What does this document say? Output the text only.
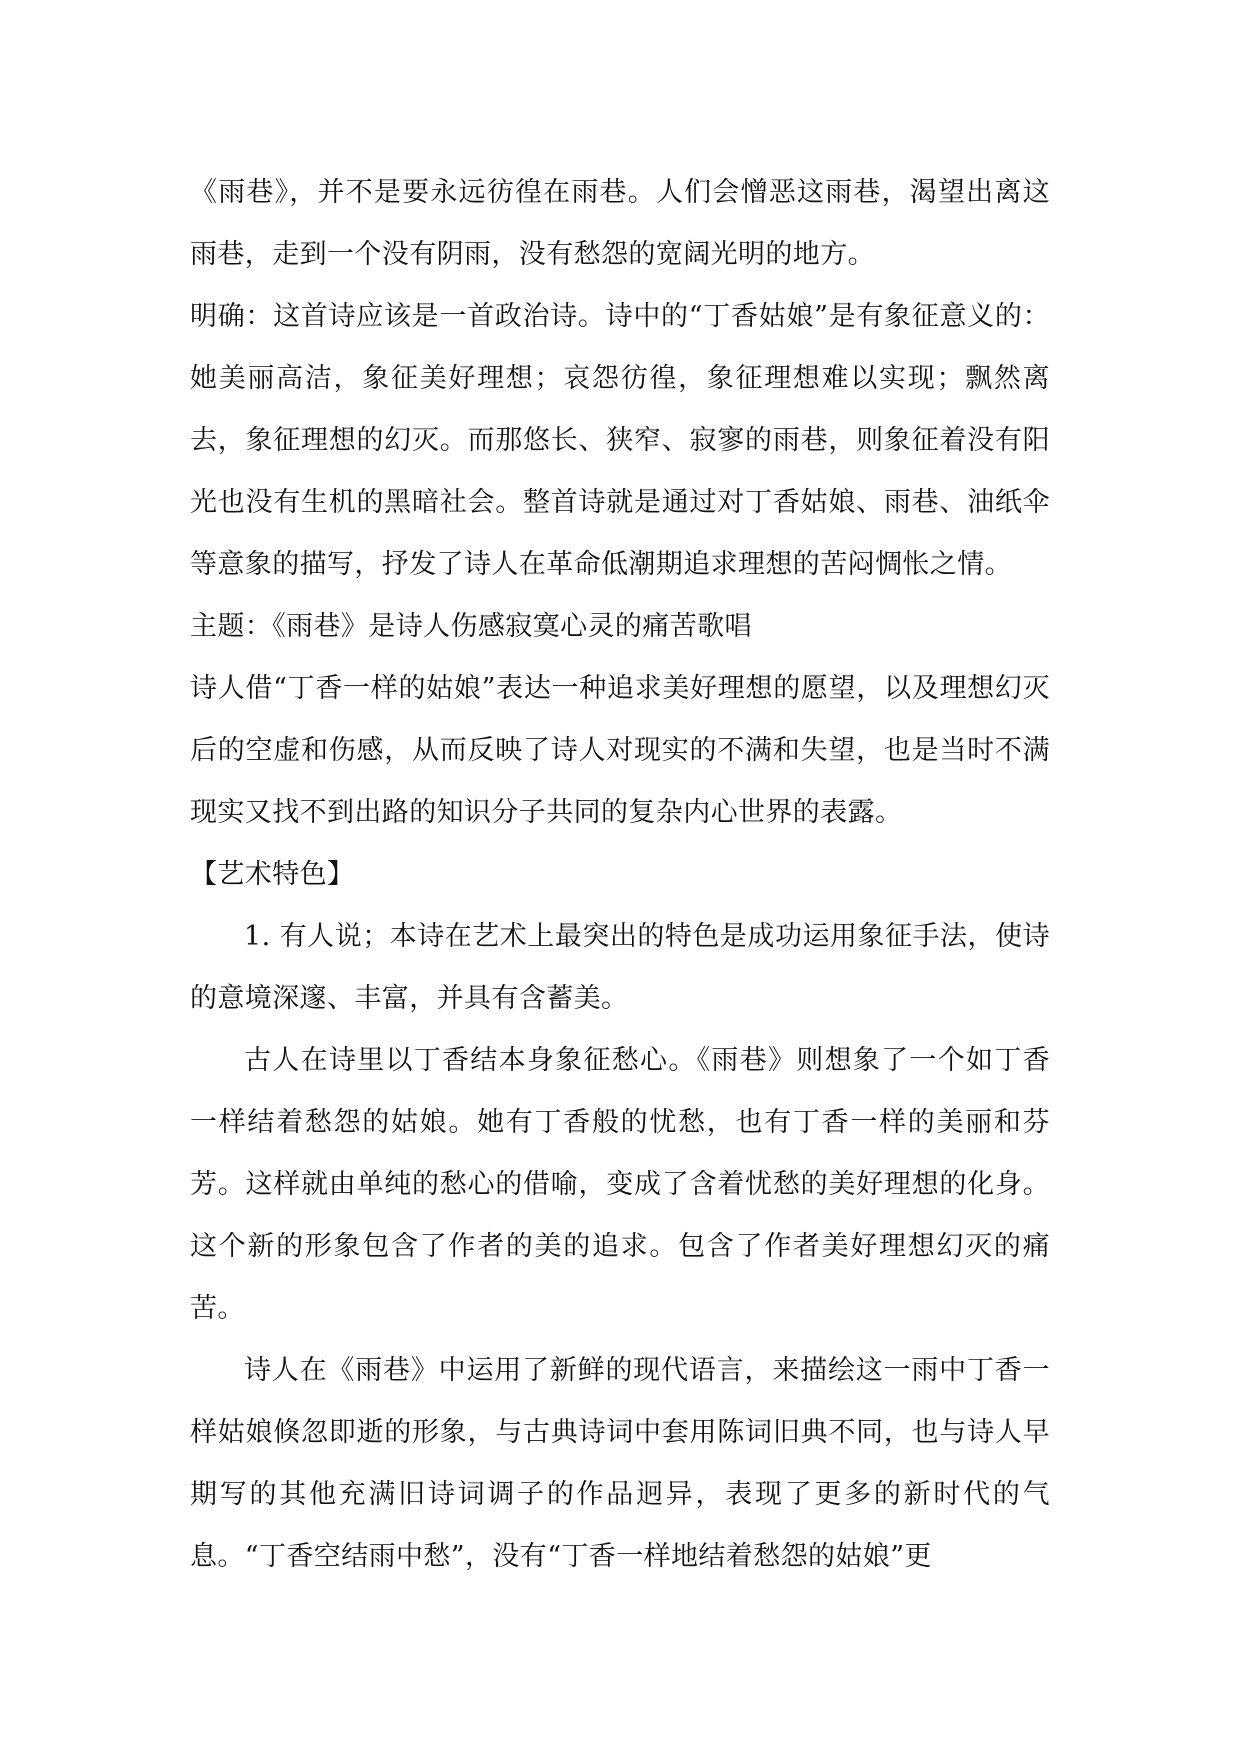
《雨巷》，并不是要永远彷徨在雨巷。人们会憎恶这雨巷，渴望出离这雨巷，走到一个没有阴雨，没有愁怨的宽阔光明的地方。

明确：这首诗应该是一首政治诗。诗中的“丁香姑娘”是有象征意义的：她美丽高洁，象征美好理想；哀怨彷徨，象征理想难以实现；飘然离去，象征理想的幻灭。而那悠长、狭窄、寂寥的雨巷，则象征着没有阳光也没有生机的黑暗社会。整首诗就是通过对丁香姑娘、雨巷、油纸伞等意象的描写，抒发了诗人在革命低潮期追求理想的苦闷惆怅之情。

主题：《雨巷》是诗人伤感寂寞心灵的痛苦歌唱

诗人借“丁香一样的姑娘”表达一种追求美好理想的愿望，以及理想幻灭后的空虚和伤感，从而反映了诗人对现实的不满和失望，也是当时不满现实又找不到出路的知识分子共同的复杂内心世界的表露。

【艺术特色】

1. 有人说；本诗在艺术上最突出的特色是成功运用象征手法，使诗的意境深邃、丰富，并具有含蓄美。

古人在诗里以丁香结本身象征愁心。《雨巷》则想象了一个如丁香一样结着愁怨的姑娘。她有丁香般的忧愁，也有丁香一样的美丽和芬芳。这样就由单纯的愁心的借喻，变成了含着忧愁的美好理想的化身。这个新的形象包含了作者的美的追求。包含了作者美好理想幻灭的痛苦。

诗人在《雨巷》中运用了新鲜的现代语言，来描绘这一雨中丁香一样姑娘倏忽即逝的形象，与古典诗词中套用陈词旧典不同，也与诗人早期写的其他充满旧诗词调子的作品迥异，表现了更多的新时代的气息。“丁香空结雨中愁”，没有“丁香一样地结着愁怨的姑娘”更
